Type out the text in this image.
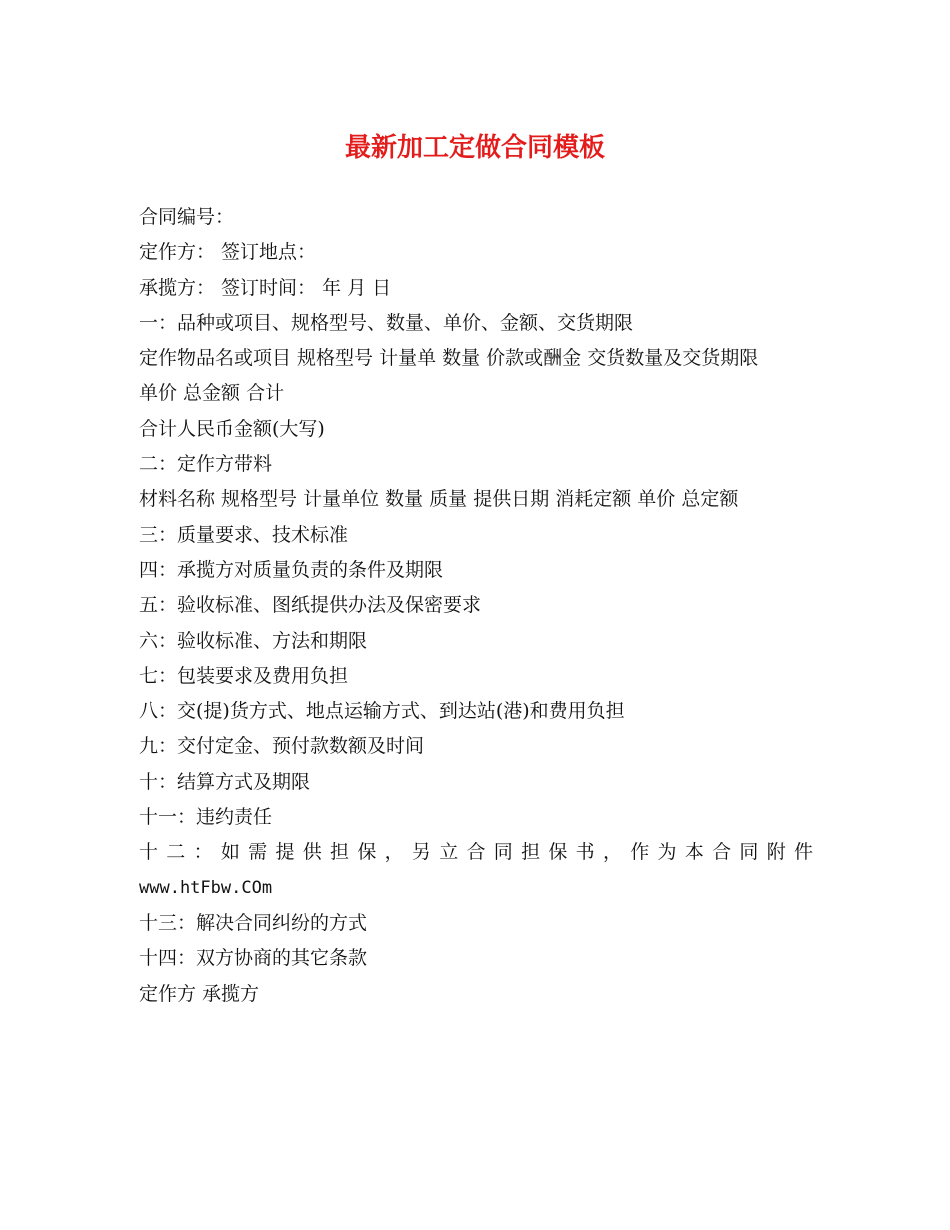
最新加工定做合同模板

合同编号：

定作方： 签订地点：

承揽方： 签订时间： 年 月 日

一：品种或项目、规格型号、数量、单价、金额、交货期限

定作物品名或项目 规格型号 计量单 数量 价款或酬金 交货数量及交货期限

单价 总金额 合计

合计人民币金额(大写)

二：定作方带料

材料名称 规格型号 计量单位 数量 质量 提供日期 消耗定额 单价 总定额

三：质量要求、技术标准

四：承揽方对质量负责的条件及期限

五：验收标准、图纸提供办法及保密要求

六：验收标准、方法和期限

七：包装要求及费用负担

八：交(提)货方式、地点运输方式、到达站(港)和费用负担

九：交付定金、预付款数额及时间

十：结算方式及期限

十一：违约责任

十二：如需提供担保，另立合同担保书，作为本合同附件

www.htFbw.COm

十三：解决合同纠纷的方式

十四：双方协商的其它条款

定作方 承揽方
